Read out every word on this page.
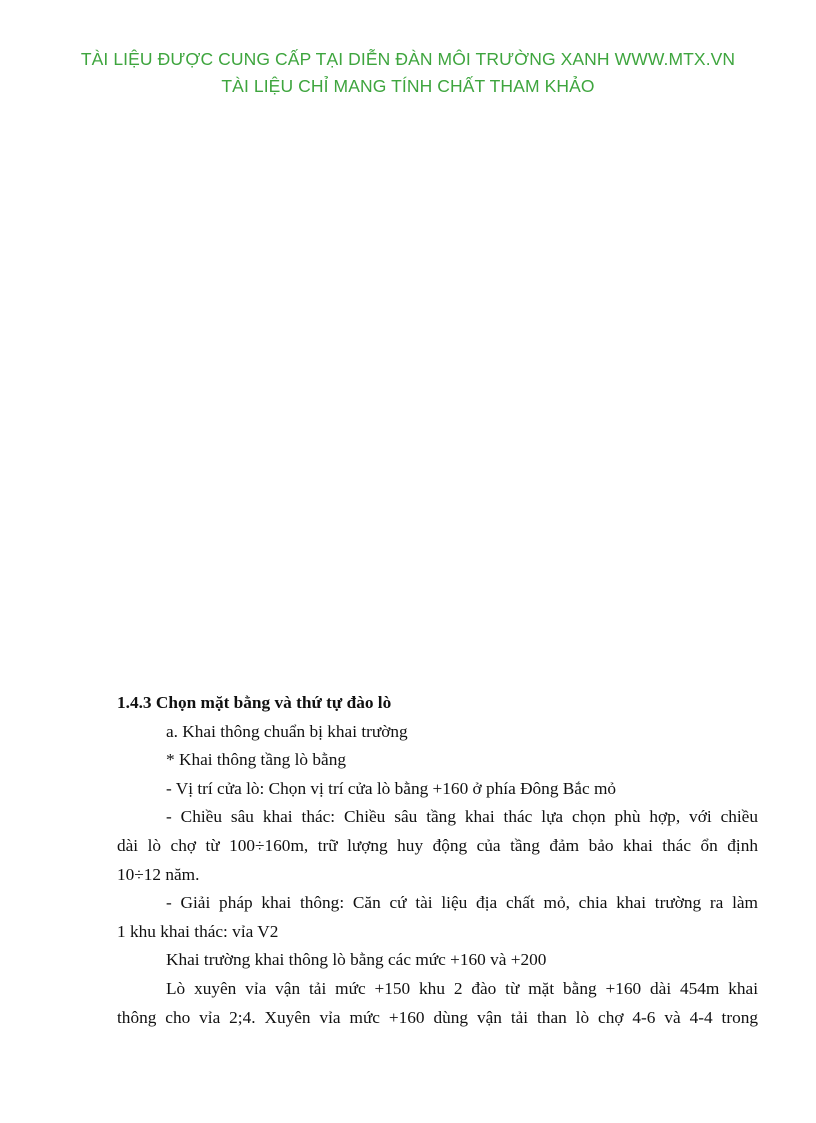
TÀI LIỆU ĐƯỢC CUNG CẤP TẠI DIỄN ĐÀN MÔI TRƯỜNG XANH WWW.MTX.VN
TÀI LIỆU CHỈ MANG TÍNH CHẤT THAM KHẢO

1.4.3 Chọn mặt bằng và thứ tự đào lò

a. Khai thông chuẩn bị khai trường

* Khai thông tầng lò bằng

- Vị trí cửa lò: Chọn vị trí cửa lò bằng +160 ở phía Đông Bắc mỏ

- Chiều sâu khai thác: Chiều sâu tầng khai thác lựa chọn phù hợp, với chiều

dài lò chợ từ 100÷160m, trữ lượng huy động của tầng đảm bảo khai thác ổn định

10÷12 năm.

- Giải pháp khai thông: Căn cứ tài liệu địa chất mỏ, chia khai trường ra làm

1 khu khai thác: vỉa V2

Khai trường khai thông lò bằng các mức +160 và +200

Lò xuyên vỉa vận tải mức +150 khu 2 đào từ mặt bằng +160 dài 454m khai

thông cho vỉa 2;4. Xuyên vỉa mức +160 dùng vận tải than lò chợ 4-6 và 4-4 trong
